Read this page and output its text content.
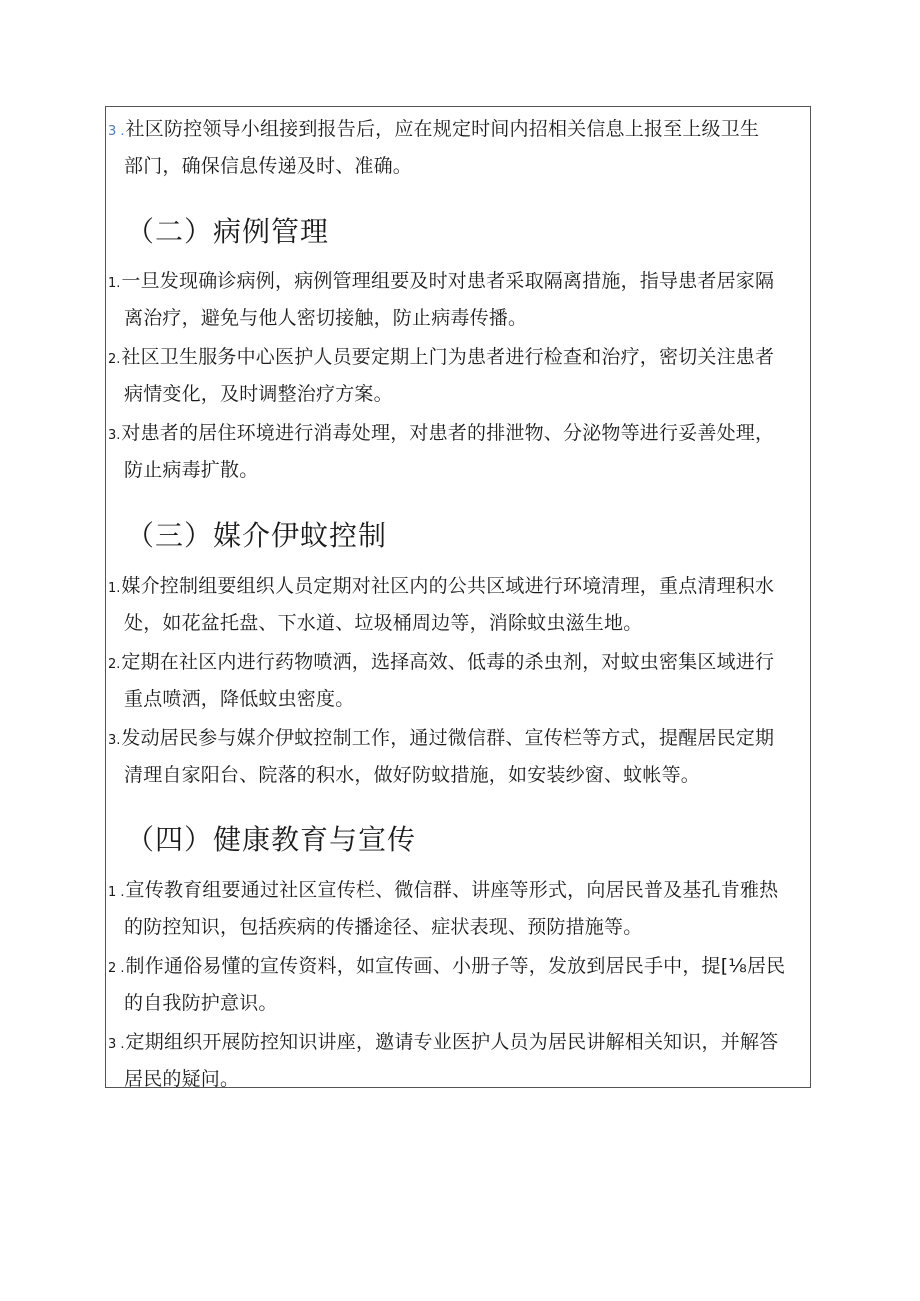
3 .社区防控领导小组接到报告后，应在规定时间内招相关信息上报至上级卫生
部门，确保信息传递及时、准确。
（二）病例管理
1.一旦发现确诊病例，病例管理组要及时对患者采取隔离措施，指导患者居家隔
离治疗，避免与他人密切接触，防止病毒传播。
2.社区卫生服务中心医护人员要定期上门为患者进行检查和治疗，密切关注患者
病情变化，及时调整治疗方案。
3.对患者的居住环境进行消毒处理，对患者的排泄物、分泌物等进行妥善处理，
防止病毒扩散。
（三）媒介伊蚊控制
1.媒介控制组要组织人员定期对社区内的公共区域进行环境清理，重点清理积水
处，如花盆托盘、下水道、垃圾桶周边等，消除蚊虫滋生地。
2.定期在社区内进行药物喷洒，选择高效、低毒的杀虫剂，对蚊虫密集区域进行
重点喷洒，降低蚊虫密度。
3.发动居民参与媒介伊蚊控制工作，通过微信群、宣传栏等方式，提醒居民定期
清理自家阳台、院落的积水，做好防蚊措施，如安装纱窗、蚊帐等。
（四）健康教育与宣传
1 .宣传教育组要通过社区宣传栏、微信群、讲座等形式，向居民普及基孔肯雅热
的防控知识，包括疾病的传播途径、症状表现、预防措施等。
2 .制作通俗易懂的宣传资料，如宣传画、小册子等，发放到居民手中，提[⅛居民
的自我防护意识。
3 .定期组织开展防控知识讲座，邀请专业医护人员为居民讲解相关知识，并解答
居民的疑问。
